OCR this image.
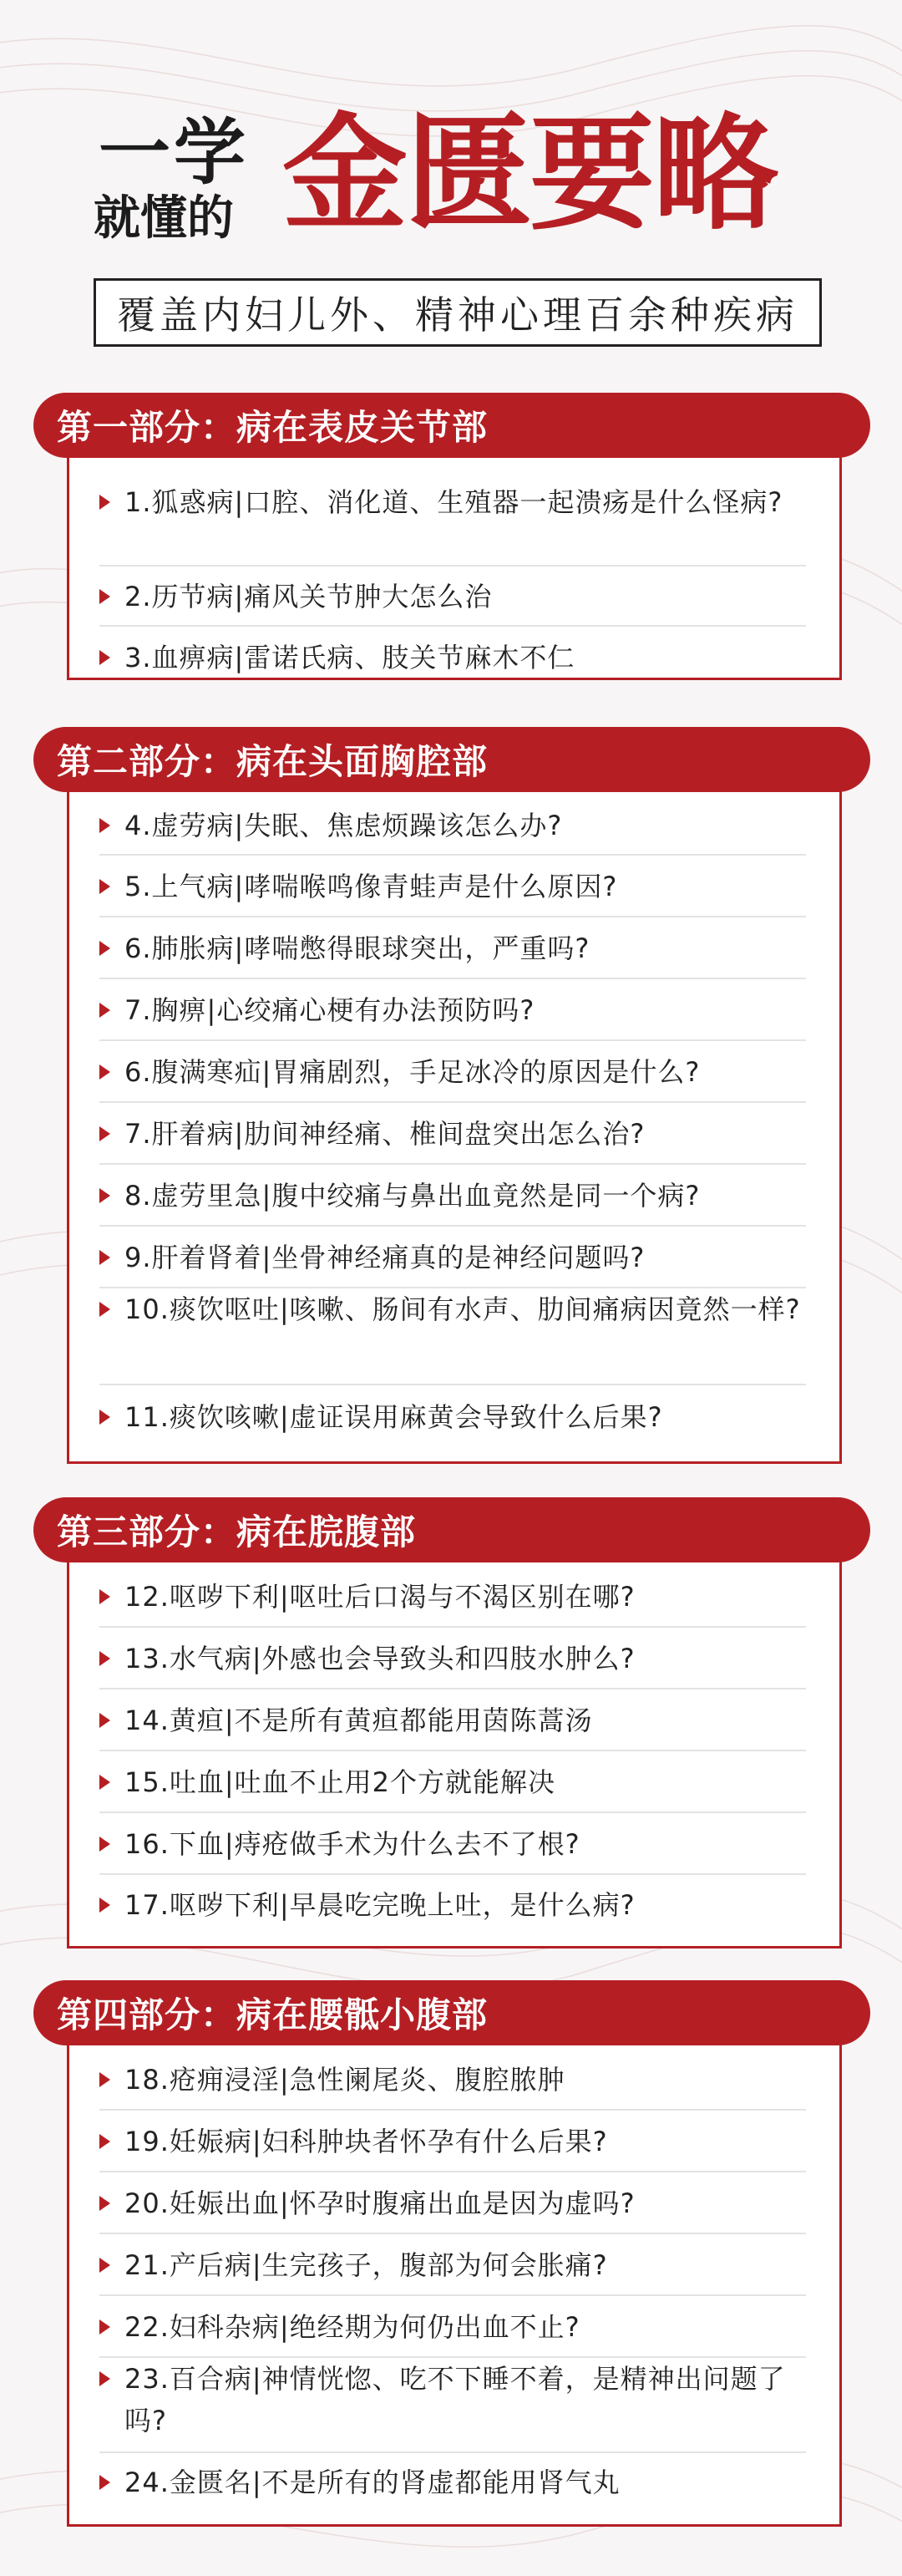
一学
就懂的 金匮要略
覆盖内妇儿外、精神心理百余种疾病
1.狐惑病|口腔、消化道、生殖器一起溃疡是什么怪病?
2.历节病|痛风关节肿大怎么治
3.血痹病|雷诺氏病、肢关节麻木不仁
第一部分：病在表皮关节部
4.虚劳病|失眠、焦虑烦躁该怎么办?
5.上气病|哮喘喉鸣像青蛙声是什么原因?
6.肺胀病|哮喘憋得眼球突出，严重吗?
7.胸痹|心绞痛心梗有办法预防吗?
6.腹满寒疝|胃痛剧烈，手足冰冷的原因是什么?
7.肝着病|肋间神经痛、椎间盘突出怎么治?
8.虚劳里急|腹中绞痛与鼻出血竟然是同一个病?
9.肝着肾着|坐骨神经痛真的是神经问题吗?
10.痰饮呕吐|咳嗽、肠间有水声、肋间痛病因竟然一样?
11.痰饮咳嗽|虚证误用麻黄会导致什么后果?
第二部分：病在头面胸腔部
12.呕哕下利|呕吐后口渴与不渴区别在哪?
13.水气病|外感也会导致头和四肢水肿么?
14.黄疸|不是所有黄疸都能用茵陈蒿汤
15.吐血|吐血不止用2个方就能解决
16.下血|痔疮做手术为什么去不了根?
17.呕哕下利|早晨吃完晚上吐，是什么病?
第三部分：病在脘腹部
18.疮痈浸淫|急性阑尾炎、腹腔脓肿
19.妊娠病|妇科肿块者怀孕有什么后果?
20.妊娠出血|怀孕时腹痛出血是因为虚吗?
21.产后病|生完孩子，腹部为何会胀痛?
22.妇科杂病|绝经期为何仍出血不止?
23.百合病|神情恍惚、吃不下睡不着，是精神出问题了吗?
24.金匮名|不是所有的肾虚都能用肾气丸
第四部分：病在腰骶小腹部
